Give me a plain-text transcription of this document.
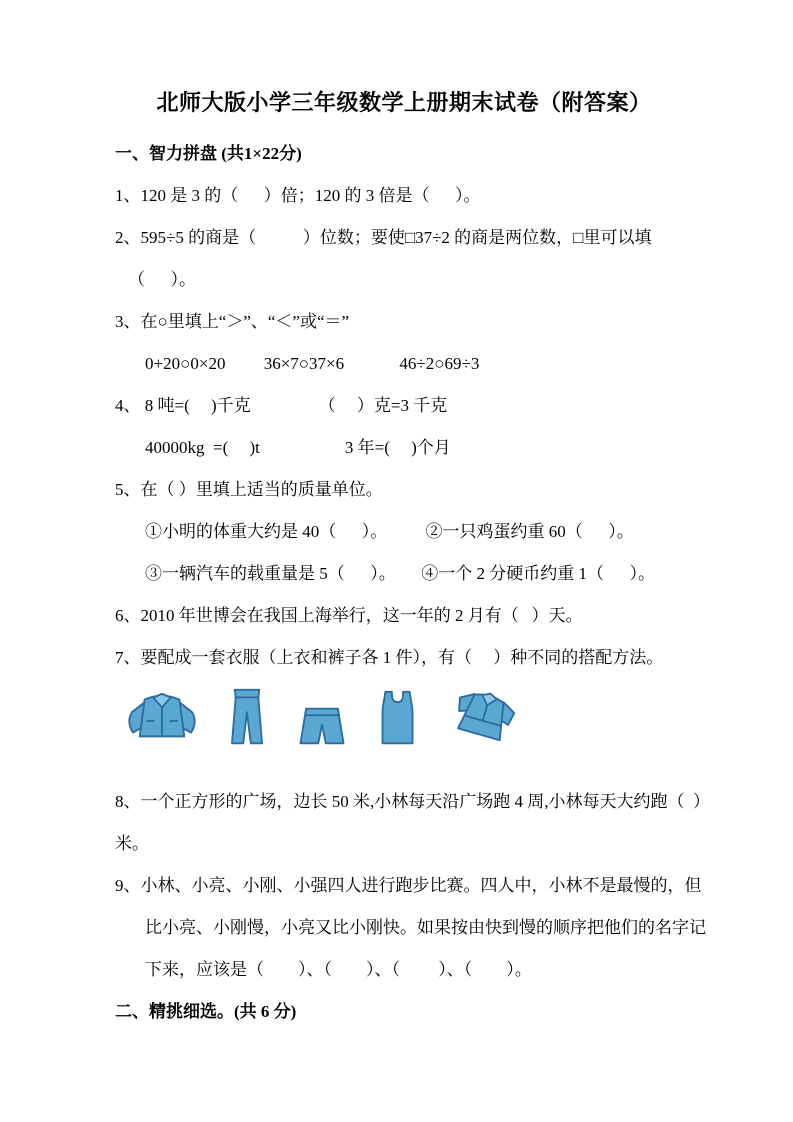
北师大版小学三年级数学上册期末试卷（附答案）
一、智力拼盘 (共1×22分)
1、120 是 3 的（      ）倍；120 的 3 倍是（      ）。
2、595÷5 的商是（           ）位数；要使□37÷2 的商是两位数，□里可以填
（      ）。
3、在○里填上“＞”、“＜”或“＝”
0+20○0×20         36×7○37×6             46÷2○69÷3
4、 8 吨=(     )千克                （     ）克=3 千克
40000kg  =(     )t                    3 年=(     )个月
5、在（ ）里填上适当的质量单位。
①小明的体重大约是 40（      ）。         ②一只鸡蛋约重 60（      ）。
③一辆汽车的载重量是 5（      ）。      ④一个 2 分硬币约重 1（      ）。
6、2010 年世博会在我国上海举行，这一年的 2 月有（   ）天。
7、要配成一套衣服（上衣和裤子各 1 件），有（     ）种不同的搭配方法。
8、一个正方形的广场，边长 50 米,小林每天沿广场跑 4 周,小林每天大约跑（  ）
米。
9、小林、小亮、小刚、小强四人进行跑步比赛。四人中，小林不是最慢的，但
比小亮、小刚慢，小亮又比小刚快。如果按由快到慢的顺序把他们的名字记
下来，应该是（        ）、（        ）、（         ）、（        ）。
二、精挑细选。(共 6 分)
